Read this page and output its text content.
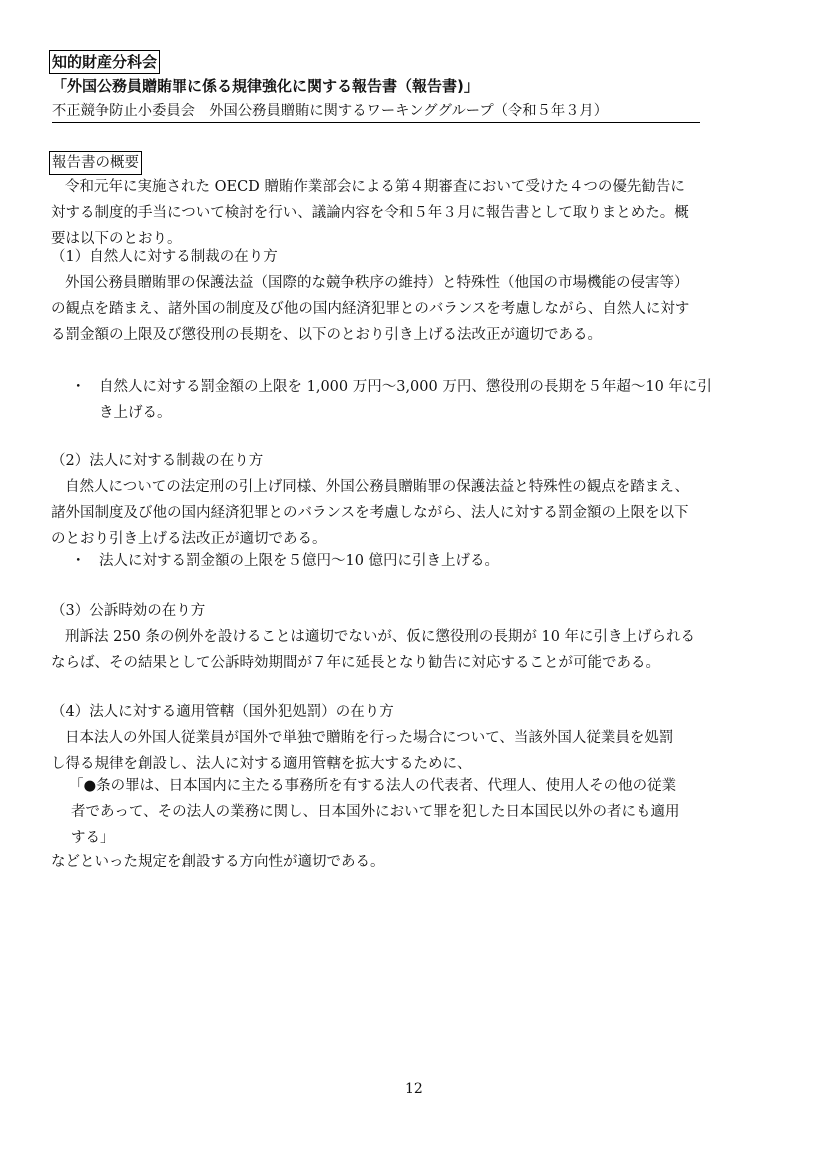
知的財産分科会
「外国公務員贈賄罪に係る規律強化に関する報告書（報告書)」
不正競争防止小委員会　外国公務員贈賄に関するワーキンググループ（令和５年３月）
報告書の概要
令和元年に実施された OECD 贈賄作業部会による第４期審査において受けた４つの優先勧告に
対する制度的手当について検討を行い、議論内容を令和５年３月に報告書として取りまとめた。概
要は以下のとおり。
（1）自然人に対する制裁の在り方
外国公務員贈賄罪の保護法益（国際的な競争秩序の維持）と特殊性（他国の市場機能の侵害等）
の観点を踏まえ、諸外国の制度及び他の国内経済犯罪とのバランスを考慮しながら、自然人に対す
る罰金額の上限及び懲役刑の長期を、以下のとおり引き上げる法改正が適切である。
・ 自然人に対する罰金額の上限を 1,000 万円～3,000 万円、懲役刑の長期を５年超～10 年に引
き上げる。
（2）法人に対する制裁の在り方
自然人についての法定刑の引上げ同様、外国公務員贈賄罪の保護法益と特殊性の観点を踏まえ、
諸外国制度及び他の国内経済犯罪とのバランスを考慮しながら、法人に対する罰金額の上限を以下
のとおり引き上げる法改正が適切である。
・ 法人に対する罰金額の上限を５億円～10 億円に引き上げる。
（3）公訴時効の在り方
刑訴法 250 条の例外を設けることは適切でないが、仮に懲役刑の長期が 10 年に引き上げられる
ならば、その結果として公訴時効期間が７年に延長となり勧告に対応することが可能である。
（4）法人に対する適用管轄（国外犯処罰）の在り方
日本法人の外国人従業員が国外で単独で贈賄を行った場合について、当該外国人従業員を処罰
し得る規律を創設し、法人に対する適用管轄を拡大するために、
「●条の罪は、日本国内に主たる事務所を有する法人の代表者、代理人、使用人その他の従業
者であって、その法人の業務に関し、日本国外において罪を犯した日本国民以外の者にも適用
する」
などといった規定を創設する方向性が適切である。
12
